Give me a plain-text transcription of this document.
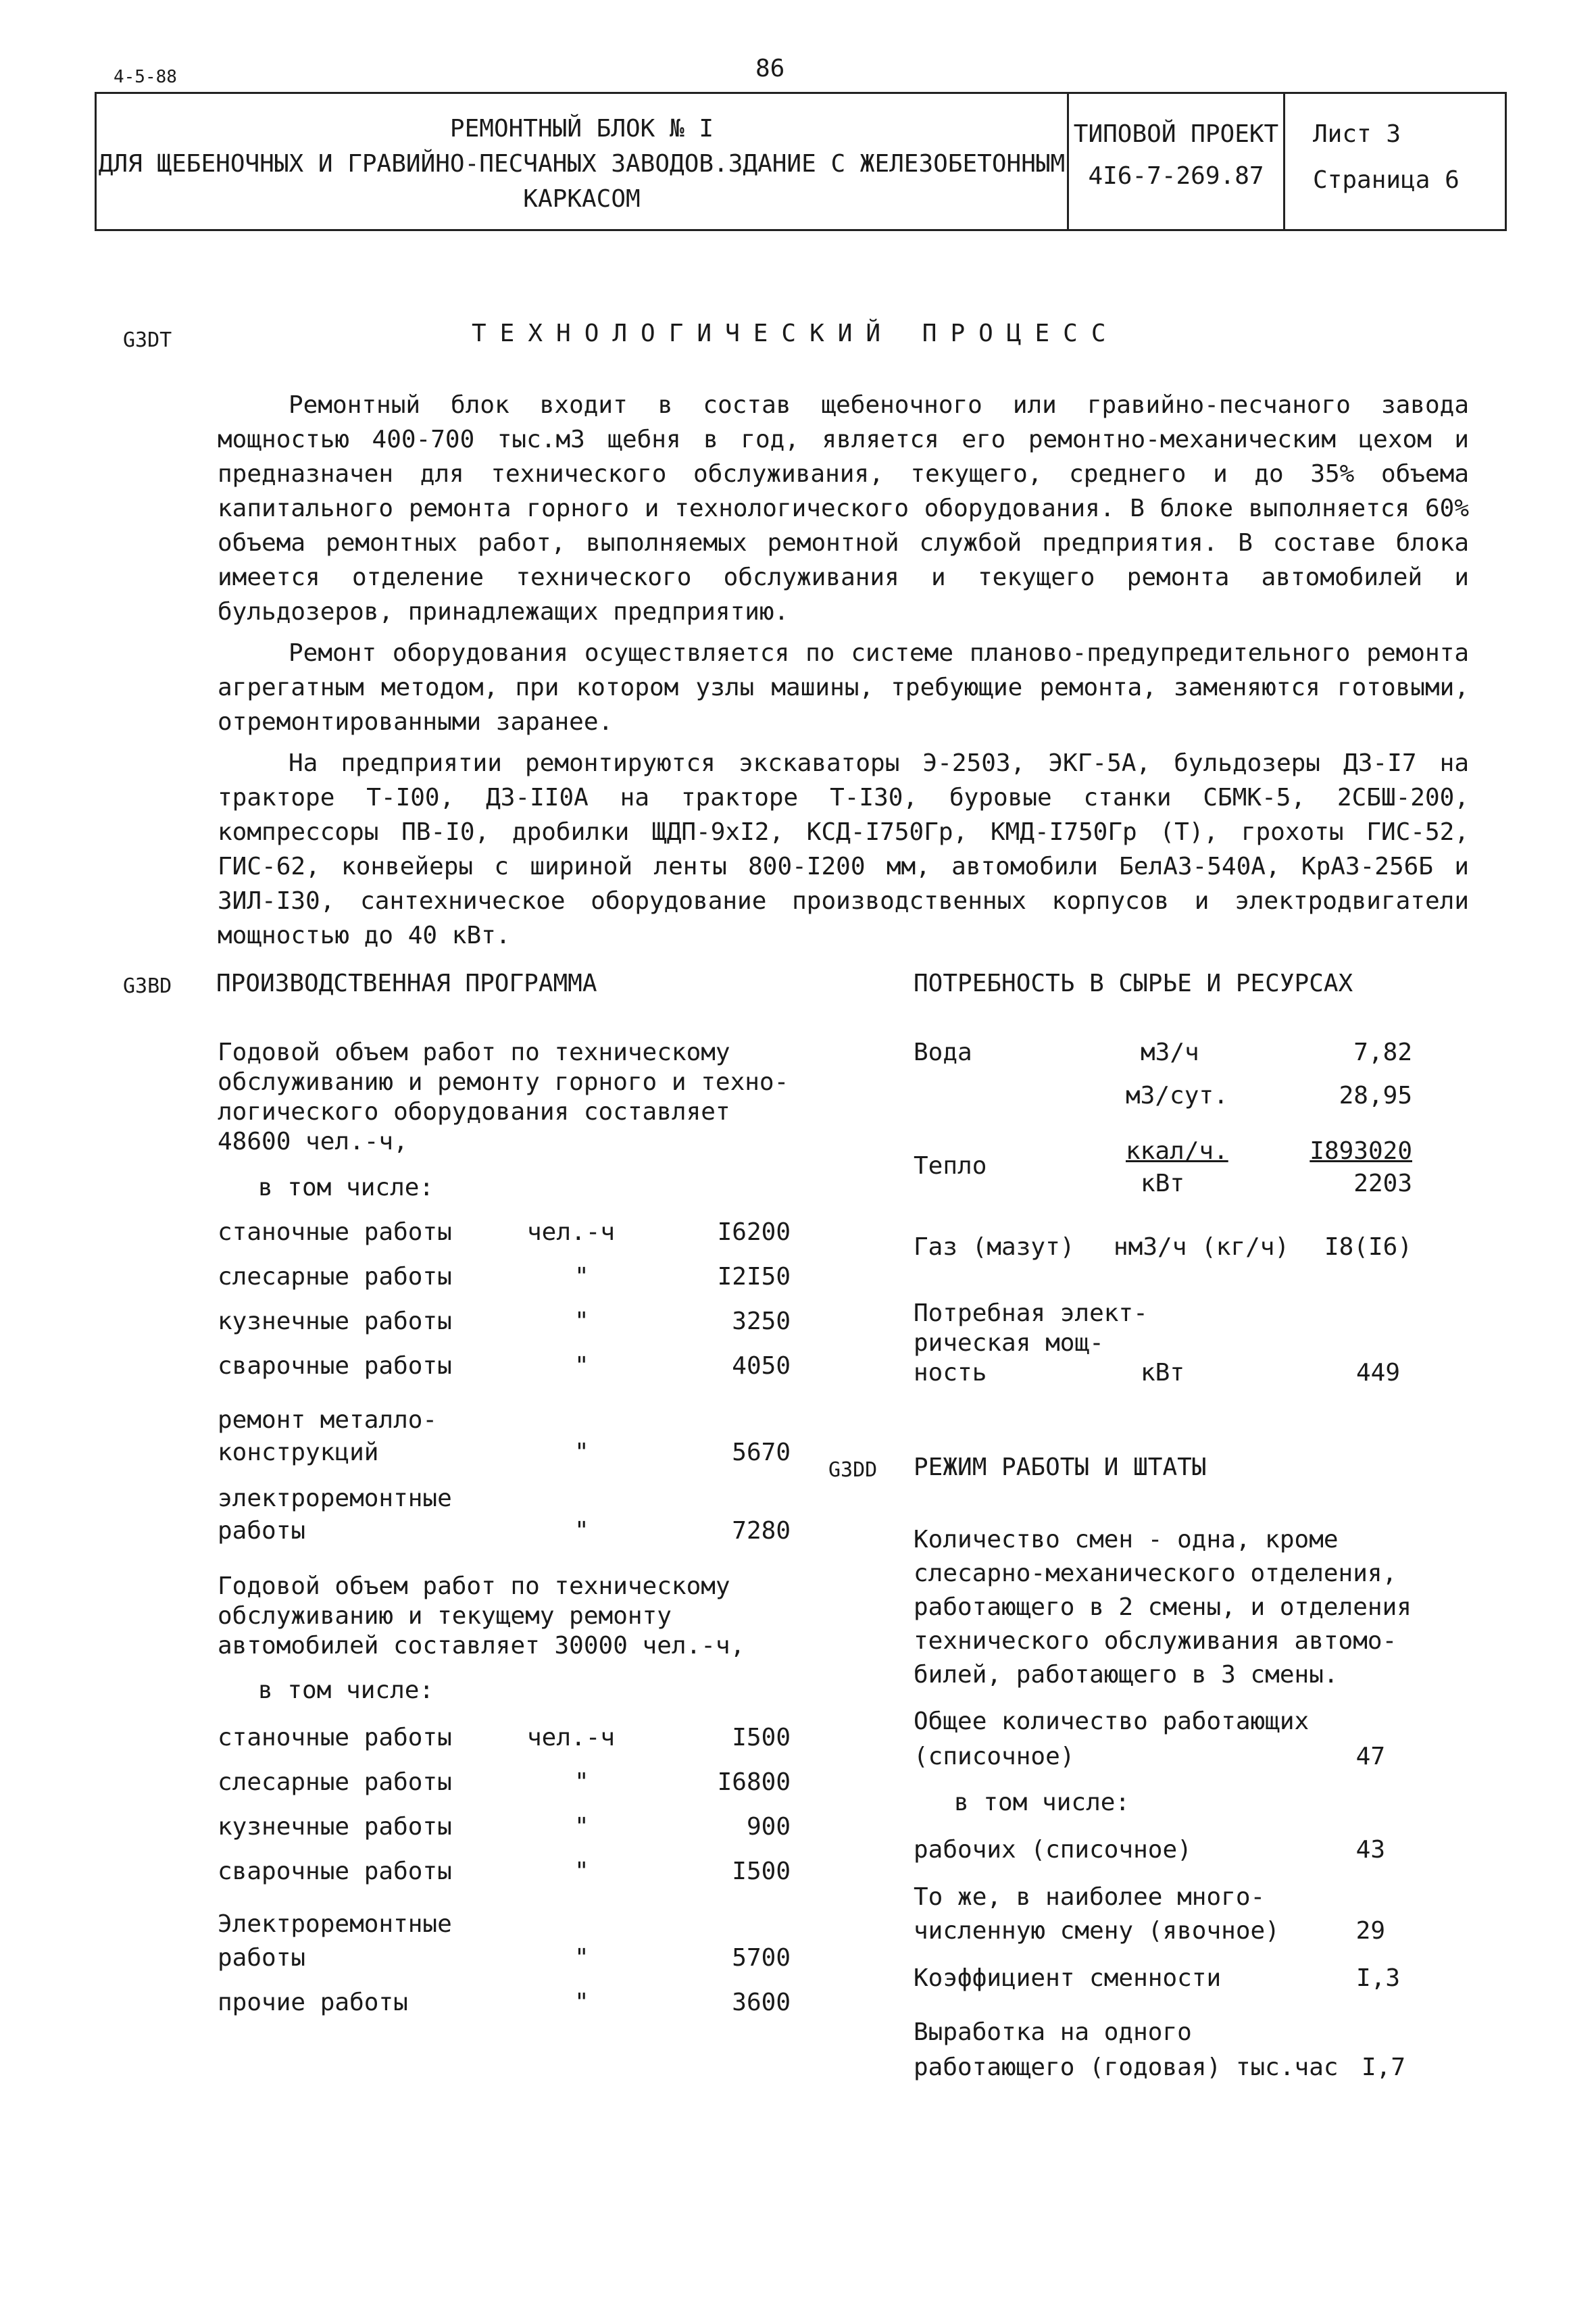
4-5-88	86
РЕМОНТНЫЙ БЛОК № I
ДЛЯ ЩЕБЕНОЧНЫХ И ГРАВИЙНО-ПЕСЧАНЫХ ЗАВОДОВ.ЗДАНИЕ С ЖЕЛЕЗОБЕТОННЫМ
КАРКАСОМ
ТИПОВОЙ ПРОЕКТ
4I6-7-269.87
Лист 3
Страница 6
G3DT	ТЕХНОЛОГИЧЕСКИЙ ПРОЦЕСС

Ремонтный блок входит в состав щебеночного или гравийно-песчаного завода мощностью 400-700 тыс.м3 щебня в год, является его ремонтно-механическим цехом и предназначен для технического обслуживания, текущего, среднего и до 35% объема капитального ремонта горного и технологического оборудования. В блоке выполняется 60% объема ремонтных работ, выполняемых ремонтной службой предприятия. В составе блока имеется отделение технического обслуживания и текущего ремонта автомобилей и бульдозеров, принадлежащих предприятию.

Ремонт оборудования осуществляется по системе планово-предупредительного ремонта агрегатным методом, при котором узлы машины, требующие ремонта, заменяются готовыми, отремонтированными заранее.

На предприятии ремонтируются экскаваторы Э-2503, ЭКГ-5А, бульдозеры ДЗ-I7 на тракторе Т-I00, ДЗ-II0А на тракторе Т-I30, буровые станки СБМК-5, 2СБШ-200, компрессоры ПВ-I0, дробилки ЩДП-9хI2, КСД-I750Гр, КМД-I750Гр (Т), грохоты ГИС-52, ГИС-62, конвейеры с шириной ленты 800-I200 мм, автомобили БелАЗ-540А, КрАЗ-256Б и ЗИЛ-I30, сантехническое оборудование производственных корпусов и электродвигатели мощностью до 40 кВт.

G3BD ПРОИЗВОДСТВЕННАЯ ПРОГРАММА
Годовой объем работ по техническому
обслуживанию и ремонту горного и техно-
логического оборудования составляет
48600 чел.-ч,
в том числе:
станочные работы	чел.-ч	I6200
слесарные работы	"	I2I50
кузнечные работы	"	3250
сварочные работы	"	4050
ремонт металло-
конструкций	"	5670
электроремонтные
работы	"	7280
Годовой объем работ по техническому
обслуживанию и текущему ремонту
автомобилей составляет 30000 чел.-ч,
в том числе:
станочные работы	чел.-ч	I500
слесарные работы	"	I6800
кузнечные работы	"	900
сварочные работы	"	I500
Электроремонтные
работы	"	5700
прочие работы	"	3600
ПОТРЕБНОСТЬ В СЫРЬЕ И РЕСУРСАХ
Вода	м3/ч	7,82
м3/сут.	28,95
Тепло
ккал/ч.	I893020
кВт	2203
Газ (мазут) нм3/ч (кг/ч) I8(I6)
Потребная элект-
рическая мощ-
ность	кВт	449
G3DD РЕЖИМ РАБОТЫ И ШТАТЫ
Количество смен - одна, кроме
слесарно-механического отделения,
работающего в 2 смены, и отделения
технического обслуживания автомо-
билей, работающего в 3 смены.
Общее количество работающих
(списочное)	47
в том числе:
рабочих (списочное)	43
То же, в наиболее много-
численную смену (явочное)	29
Коэффициент сменности	I,3
Выработка на одного
работающего (годовая) тыс.час I,7
